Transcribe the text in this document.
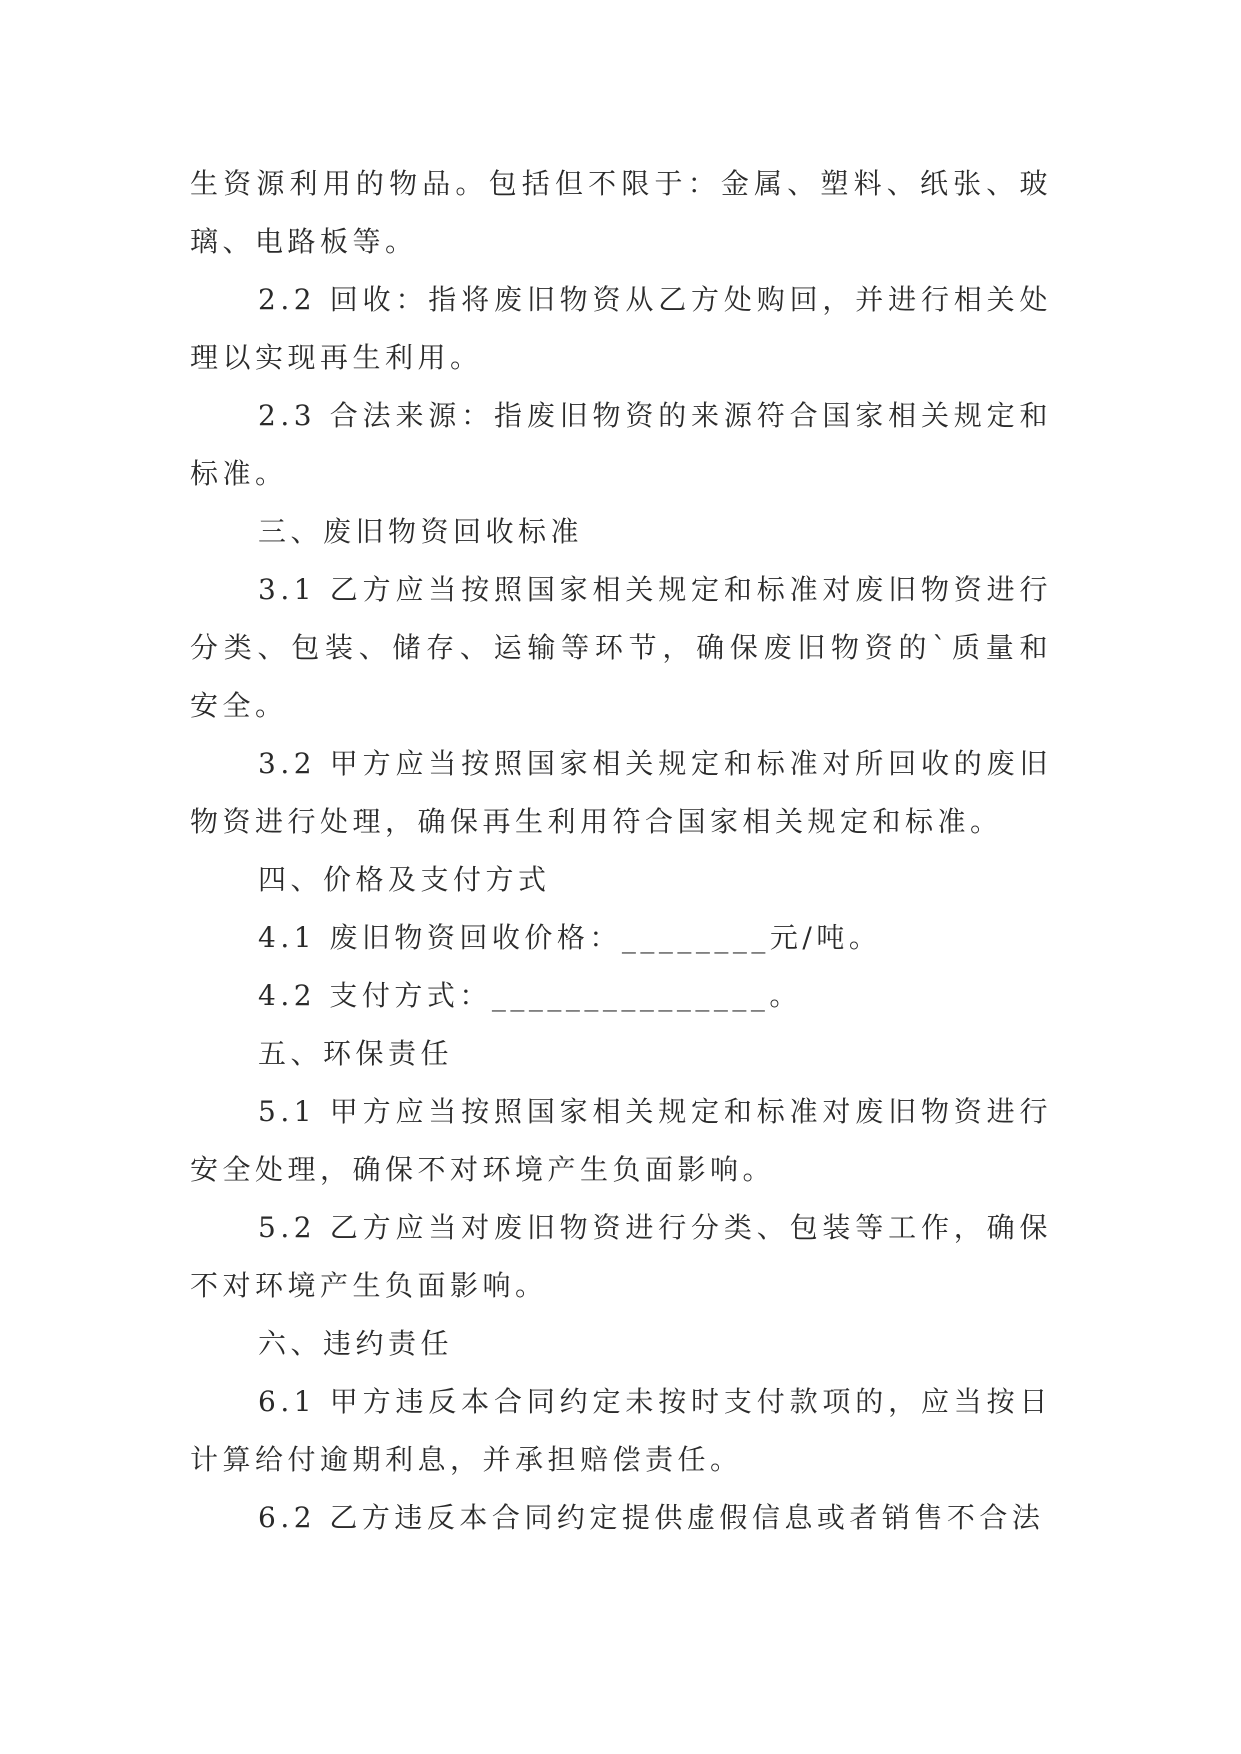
生资源利用的物品。包括但不限于：金属、塑料、纸张、玻璃、电路板等。

2.2 回收：指将废旧物资从乙方处购回，并进行相关处理以实现再生利用。

2.3 合法来源：指废旧物资的来源符合国家相关规定和标准。

三、废旧物资回收标准

3.1 乙方应当按照国家相关规定和标准对废旧物资进行分类、包装、储存、运输等环节，确保废旧物资的`质量和安全。

3.2 甲方应当按照国家相关规定和标准对所回收的废旧物资进行处理，确保再生利用符合国家相关规定和标准。

四、价格及支付方式

4.1 废旧物资回收价格：________元/吨。

4.2 支付方式：_______________。

五、环保责任

5.1 甲方应当按照国家相关规定和标准对废旧物资进行安全处理，确保不对环境产生负面影响。

5.2 乙方应当对废旧物资进行分类、包装等工作，确保不对环境产生负面影响。

六、违约责任

6.1 甲方违反本合同约定未按时支付款项的，应当按日计算给付逾期利息，并承担赔偿责任。

6.2 乙方违反本合同约定提供虚假信息或者销售不合法
